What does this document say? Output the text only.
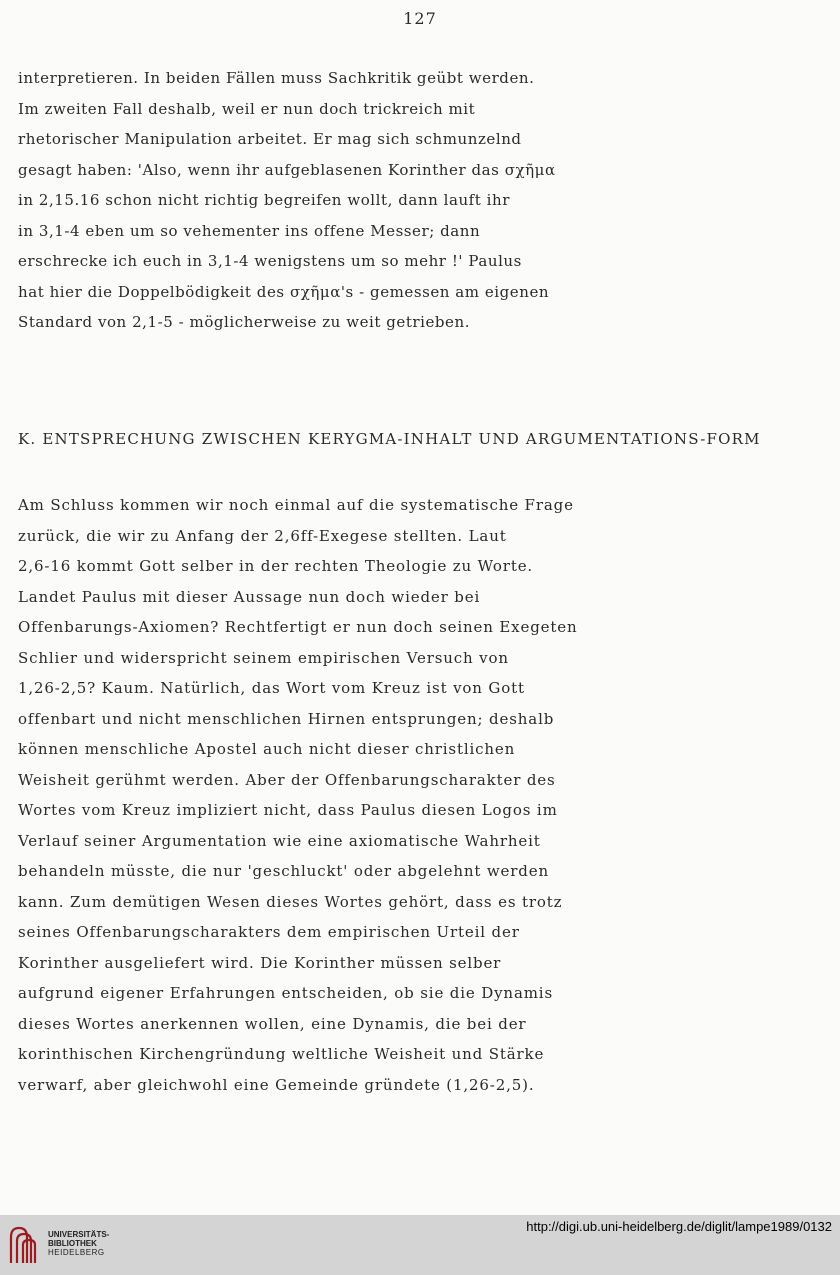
127

interpretieren. In beiden Fällen muss Sachkritik geübt werden.
Im zweiten Fall deshalb, weil er nun doch trickreich mit
rhetorischer Manipulation arbeitet. Er mag sich schmunzelnd
gesagt haben: 'Also, wenn ihr aufgeblasenen Korinther das σχῆμα
in 2,15.16 schon nicht richtig begreifen wollt, dann lauft ihr
in 3,1-4 eben um so vehementer ins offene Messer; dann
erschrecke ich euch in 3,1-4 wenigstens um so mehr !' Paulus
hat hier die Doppelbödigkeit des σχῆμα's - gemessen am eigenen
Standard von 2,1-5 - möglicherweise zu weit getrieben.

K. ENTSPRECHUNG ZWISCHEN KERYGMA-INHALT UND ARGUMENTATIONS-FORM

Am Schluss kommen wir noch einmal auf die systematische Frage
zurück, die wir zu Anfang der 2,6ff-Exegese stellten. Laut
2,6-16 kommt Gott selber in der rechten Theologie zu Worte.
Landet Paulus mit dieser Aussage nun doch wieder bei
Offenbarungs-Axiomen? Rechtfertigt er nun doch seinen Exegeten
Schlier und widerspricht seinem empirischen Versuch von
1,26-2,5? Kaum. Natürlich, das Wort vom Kreuz ist von Gott
offenbart und nicht menschlichen Hirnen entsprungen; deshalb
können menschliche Apostel auch nicht dieser christlichen
Weisheit gerühmt werden. Aber der Offenbarungscharakter des
Wortes vom Kreuz impliziert nicht, dass Paulus diesen Logos im
Verlauf seiner Argumentation wie eine axiomatische Wahrheit
behandeln müsste, die nur 'geschluckt' oder abgelehnt werden
kann. Zum demütigen Wesen dieses Wortes gehört, dass es trotz
seines Offenbarungscharakters dem empirischen Urteil der
Korinther ausgeliefert wird. Die Korinther müssen selber
aufgrund eigener Erfahrungen entscheiden, ob sie die Dynamis
dieses Wortes anerkennen wollen, eine Dynamis, die bei der
korinthischen Kirchengründung weltliche Weisheit und Stärke
verwarf, aber gleichwohl eine Gemeinde gründete (1,26-2,5).

UNIVERSITÄTS-
BIBLIOTHEK
HEIDELBERG
http://digi.ub.uni-heidelberg.de/diglit/lampe1989/0132
